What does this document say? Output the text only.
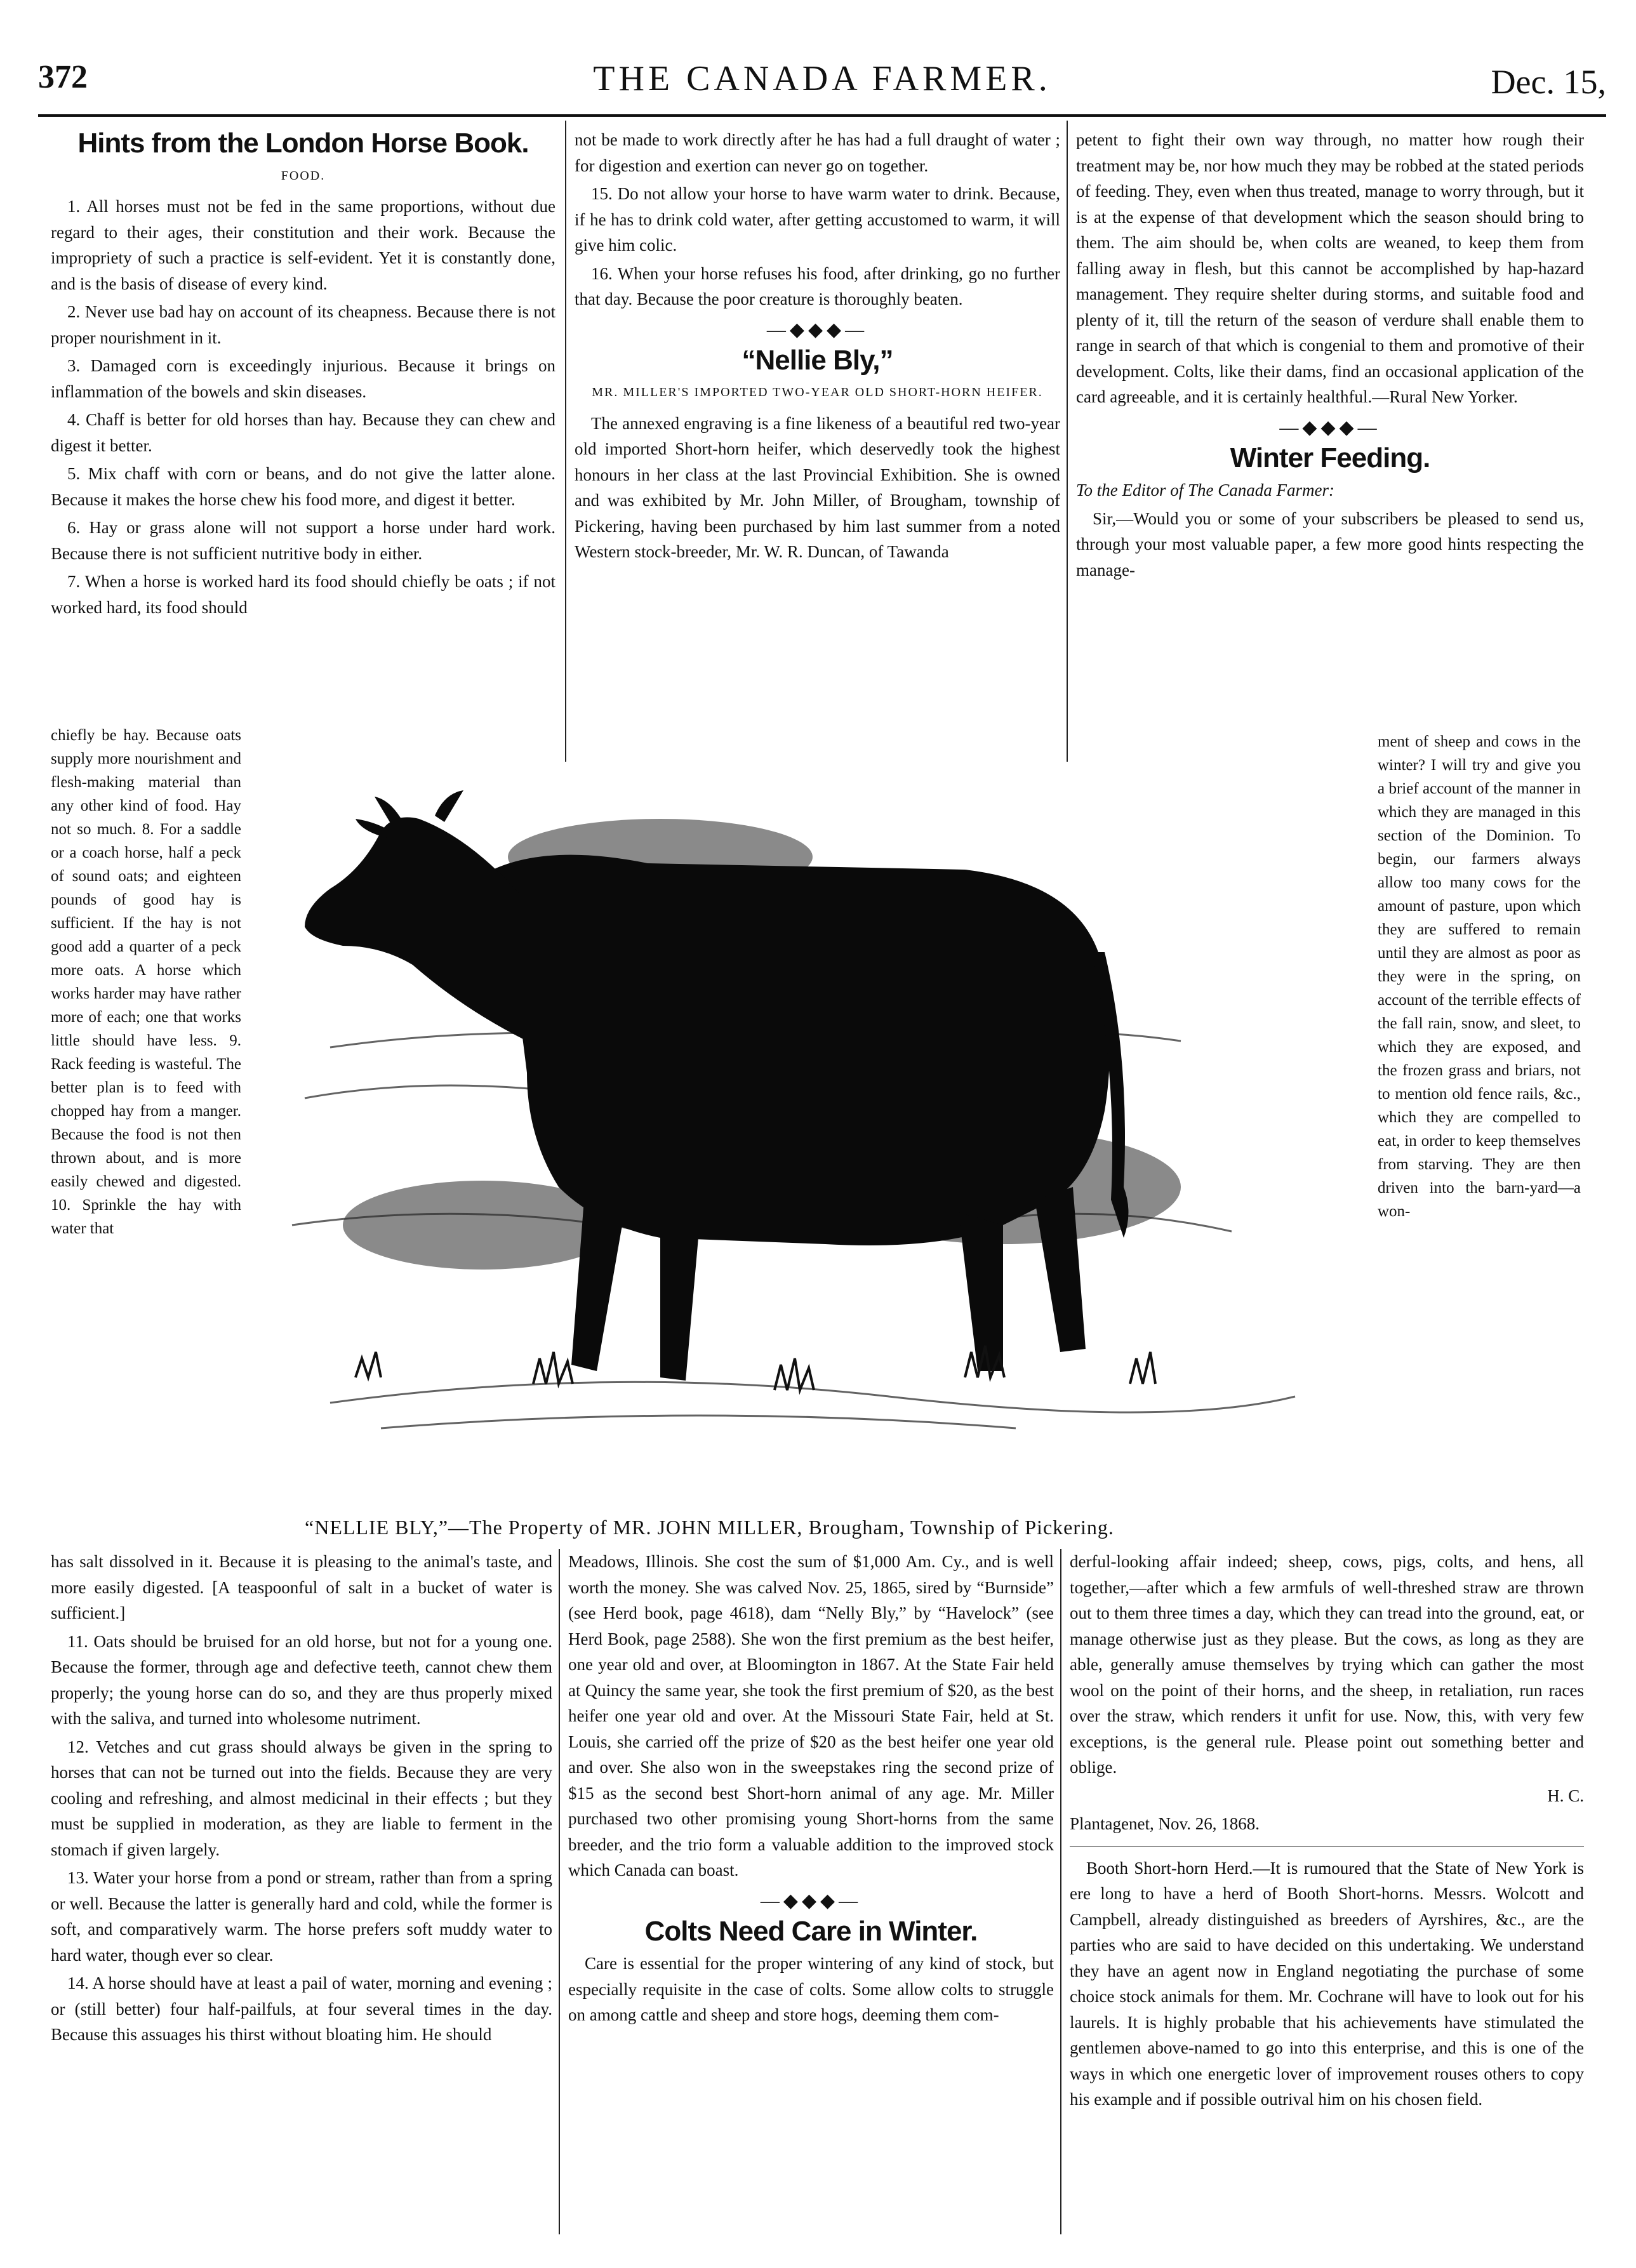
372	THE CANADA FARMER.	Dec. 15,
Hints from the London Horse Book.
FOOD.

1. All horses must not be fed in the same proportions, without due regard to their ages, their constitution and their work. Because the impropriety of such a practice is self-evident. Yet it is constantly done, and is the basis of disease of every kind.

2. Never use bad hay on account of its cheapness. Because there is not proper nourishment in it.

3. Damaged corn is exceedingly injurious. Because it brings on inflammation of the bowels and skin diseases.

4. Chaff is better for old horses than hay. Because they can chew and digest it better.

5. Mix chaff with corn or beans, and do not give the latter alone. Because it makes the horse chew his food more, and digest it better.

6. Hay or grass alone will not support a horse under hard work. Because there is not sufficient nutritive body in either.

7. When a horse is worked hard its food should chiefly be oats ; if not worked hard, its food should

chiefly be hay. Because oats supply more nourishment and flesh-making material than any other kind of food. Hay not so much. 8. For a saddle or a coach horse, half a peck of sound oats; and eighteen pounds of good hay is sufficient. If the hay is not good add a quarter of a peck more oats. A horse which works harder may have rather more of each; one that works little should have less. 9. Rack feeding is wasteful. The better plan is to feed with chopped hay from a manger. Because the food is not then thrown about, and is more easily chewed and digested. 10. Sprinkle the hay with water that

not be made to work directly after he has had a full draught of water ; for digestion and exertion can never go on together.

15. Do not allow your horse to have warm water to drink. Because, if he has to drink cold water, after getting accustomed to warm, it will give him colic.

16. When your horse refuses his food, after drinking, go no further that day. Because the poor creature is thoroughly beaten.

—◆◆◆—
“Nellie Bly,”
MR. MILLER'S IMPORTED TWO-YEAR OLD SHORT-HORN HEIFER.

The annexed engraving is a fine likeness of a beautiful red two-year old imported Short-horn heifer, which deservedly took the highest honours in her class at the last Provincial Exhibition. She is owned and was exhibited by Mr. John Miller, of Brougham, township of Pickering, having been purchased by him last summer from a noted Western stock-breeder, Mr. W. R. Duncan, of Tawanda

petent to fight their own way through, no matter how rough their treatment may be, nor how much they may be robbed at the stated periods of feeding. They, even when thus treated, manage to worry through, but it is at the expense of that development which the season should bring to them. The aim should be, when colts are weaned, to keep them from falling away in flesh, but this cannot be accomplished by hap-hazard management. They require shelter during storms, and suitable food and plenty of it, till the return of the season of verdure shall enable them to range in search of that which is congenial to them and promotive of their development. Colts, like their dams, find an occasional application of the card agreeable, and it is certainly healthful.—Rural New Yorker.

—◆◆◆—
Winter Feeding.

To the Editor of The Canada Farmer:

Sir,—Would you or some of your subscribers be pleased to send us, through your most valuable paper, a few more good hints respecting the manage-

ment of sheep and cows in the winter? I will try and give you a brief account of the manner in which they are managed in this section of the Dominion. To begin, our farmers always allow too many cows for the amount of pasture, upon which they are suffered to remain until they are almost as poor as they were in the spring, on account of the terrible effects of the fall rain, snow, and sleet, to which they are exposed, and the frozen grass and briars, not to mention old fence rails, &c., which they are compelled to eat, in order to keep themselves from starving. They are then driven into the barn-yard—a won-

“NELLIE BLY,”—The Property of MR. JOHN MILLER, Brougham, Township of Pickering.

has salt dissolved in it. Because it is pleasing to the animal's taste, and more easily digested. [A teaspoonful of salt in a bucket of water is sufficient.]

11. Oats should be bruised for an old horse, but not for a young one. Because the former, through age and defective teeth, cannot chew them properly; the young horse can do so, and they are thus properly mixed with the saliva, and turned into wholesome nutriment.

12. Vetches and cut grass should always be given in the spring to horses that can not be turned out into the fields. Because they are very cooling and refreshing, and almost medicinal in their effects ; but they must be supplied in moderation, as they are liable to ferment in the stomach if given largely.

13. Water your horse from a pond or stream, rather than from a spring or well. Because the latter is generally hard and cold, while the former is soft, and comparatively warm. The horse prefers soft muddy water to hard water, though ever so clear.

14. A horse should have at least a pail of water, morning and evening ; or (still better) four half-pailfuls, at four several times in the day. Because this assuages his thirst without bloating him. He should

Meadows, Illinois. She cost the sum of $1,000 Am. Cy., and is well worth the money. She was calved Nov. 25, 1865, sired by “Burnside” (see Herd book, page 4618), dam “Nelly Bly,” by “Havelock” (see Herd Book, page 2588). She won the first premium as the best heifer, one year old and over, at Bloomington in 1867. At the State Fair held at Quincy the same year, she took the first premium of $20, as the best heifer one year old and over. At the Missouri State Fair, held at St. Louis, she carried off the prize of $20 as the best heifer one year old and over. She also won in the sweepstakes ring the second prize of $15 as the second best Short-horn animal of any age. Mr. Miller purchased two other promising young Short-horns from the same breeder, and the trio form a valuable addition to the improved stock which Canada can boast.

—◆◆◆—
Colts Need Care in Winter.

Care is essential for the proper wintering of any kind of stock, but especially requisite in the case of colts. Some allow colts to struggle on among cattle and sheep and store hogs, deeming them com-

derful-looking affair indeed; sheep, cows, pigs, colts, and hens, all together,—after which a few armfuls of well-threshed straw are thrown out to them three times a day, which they can tread into the ground, eat, or manage otherwise just as they please. But the cows, as long as they are able, generally amuse themselves by trying which can gather the most wool on the point of their horns, and the sheep, in retaliation, run races over the straw, which renders it unfit for use. Now, this, with very few exceptions, is the general rule. Please point out something better and oblige.

H. C.

Plantagenet, Nov. 26, 1868.

Booth Short-horn Herd.—It is rumoured that the State of New York is ere long to have a herd of Booth Short-horns. Messrs. Wolcott and Campbell, already distinguished as breeders of Ayrshires, &c., are the parties who are said to have decided on this undertaking. We understand they have an agent now in England negotiating the purchase of some choice stock animals for them. Mr. Cochrane will have to look out for his laurels. It is highly probable that his achievements have stimulated the gentlemen above-named to go into this enterprise, and this is one of the ways in which one energetic lover of improvement rouses others to copy his example and if possible outrival him on his chosen field.
